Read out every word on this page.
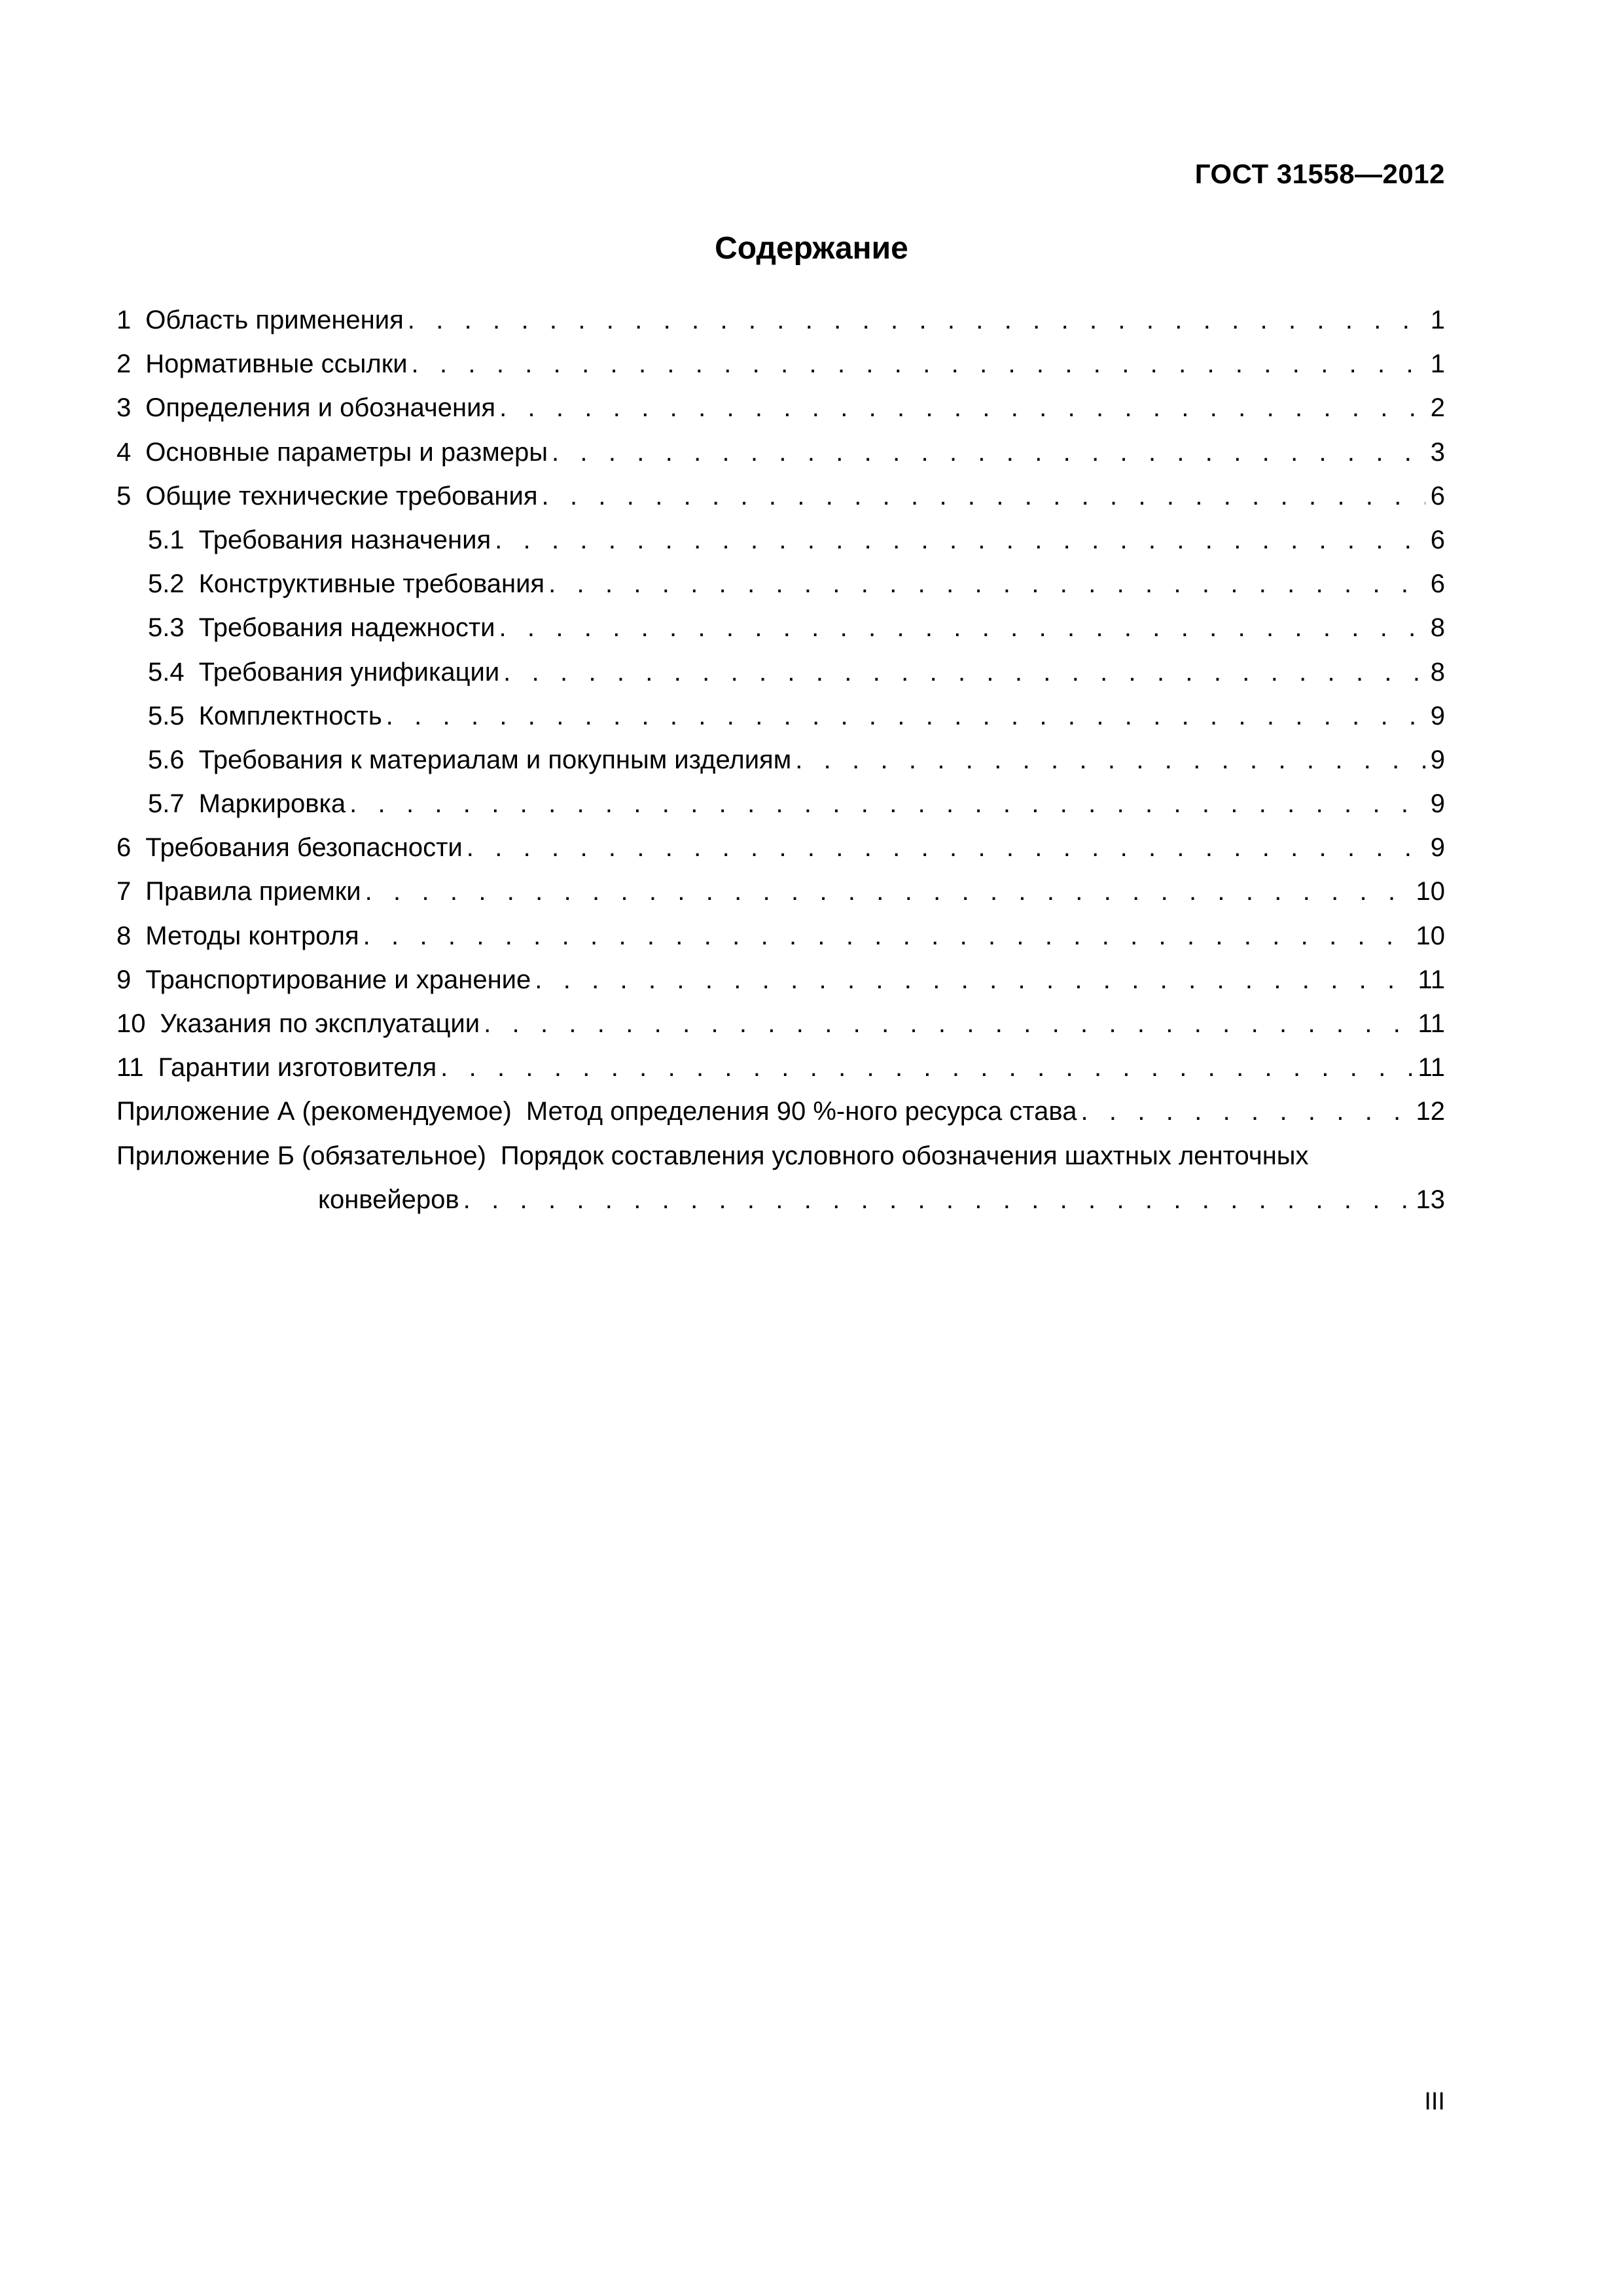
ГОСТ 31558—2012
Содержание
1 Область применения . . .	1
2 Нормативные ссылки . . .	1
3 Определения и обозначения . . .	2
4 Основные параметры и размеры . . .	3
5 Общие технические требования . . .	6
5.1 Требования назначения . . .	6
5.2 Конструктивные требования . . .	6
5.3 Требования надежности . . .	8
5.4 Требования унификации . . .	8
5.5 Комплектность . . .	9
5.6 Требования к материалам и покупным изделиям . . .	9
5.7 Маркировка . . .	9
6 Требования безопасности . . .	9
7 Правила приемки . . .	10
8 Методы контроля . . .	10
9 Транспортирование и хранение . . .	11
10 Указания по эксплуатации . . .	11
11 Гарантии изготовителя . . .	11
Приложение А (рекомендуемое) Метод определения 90 %-ного ресурса става . . .	12
Приложение Б (обязательное) Порядок составления условного обозначения шахтных ленточных
конвейеров . . .	13
III
